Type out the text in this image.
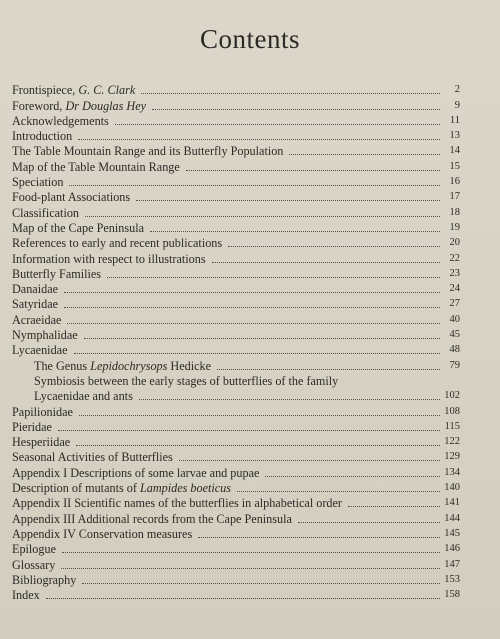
Contents
Frontispiece, G. C. Clark	2
Foreword, Dr Douglas Hey	9
Acknowledgements	11
Introduction	13
The Table Mountain Range and its Butterfly Population	14
Map of the Table Mountain Range	15
Speciation	16
Food-plant Associations	17
Classification	18
Map of the Cape Peninsula	19
References to early and recent publications	20
Information with respect to illustrations	22
Butterfly Families	23
Danaidae	24
Satyridae	27
Acraeidae	40
Nymphalidae	45
Lycaenidae	48
The Genus Lepidochrysops Hedicke	79
Symbiosis between the early stages of butterflies of the family
Lycaenidae and ants	102
Papilionidae	108
Pieridae	115
Hesperiidae	122
Seasonal Activities of Butterflies	129
Appendix I Descriptions of some larvae and pupae	134
Description of mutants of Lampides boeticus	140
Appendix II Scientific names of the butterflies in alphabetical order	141
Appendix III Additional records from the Cape Peninsula	144
Appendix IV Conservation measures	145
Epilogue	146
Glossary	147
Bibliography	153
Index	158
